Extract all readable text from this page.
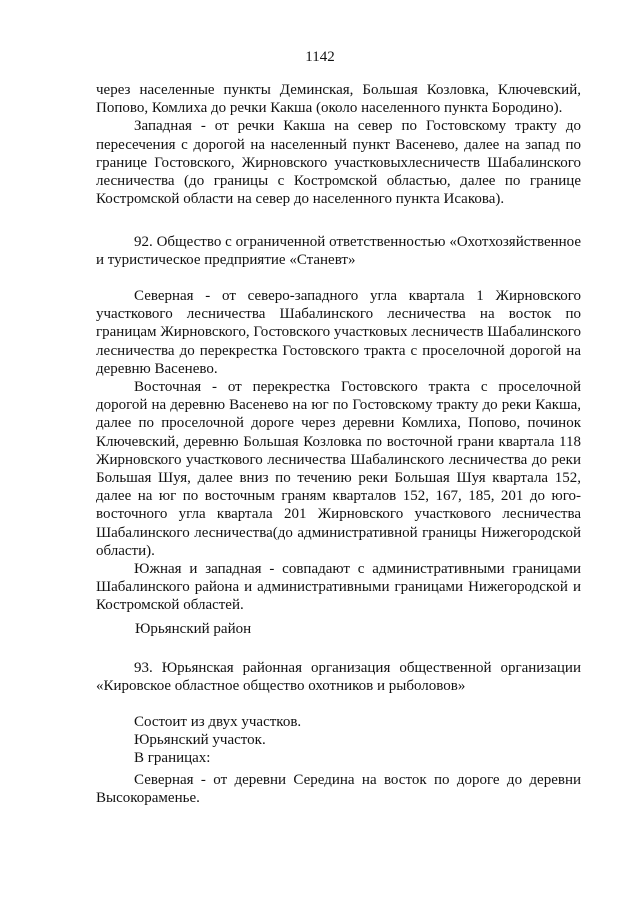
1142

через населенные пункты Деминская, Большая Козловка, Ключевский, Попово, Комлиха до речки Какша (около населенного пункта Бородино).

Западная - от речки Какша на север по Гостовскому тракту до пересечения с дорогой на населенный пункт Васенево, далее на запад по границе Гостовского, Жирновского участковыхлесничеств Шабалинского лесничества (до границы с Костромской областью, далее по границе Костромской области на север до населенного пункта Исакова).

92. Общество с ограниченной ответственностью «Охотхозяйственное и туристическое предприятие «Станевт»

Северная - от северо-западного угла квартала 1 Жирновского участкового лесничества Шабалинского лесничества на восток по границам Жирновского, Гостовского участковых лесничеств Шабалинского лесничества до перекрестка Гостовского тракта с проселочной дорогой на деревню Васенево.

Восточная - от перекрестка Гостовского тракта с проселочной дорогой на деревню Васенево на юг по Гостовскому тракту до реки Какша, далее по проселочной дороге через деревни Комлиха, Попово, починок Ключевский, деревню Большая Козловка по восточной грани квартала 118 Жирновского участкового лесничества Шабалинского лесничества до реки Большая Шуя, далее вниз по течению реки Большая Шуя квартала 152, далее на юг по восточным граням кварталов 152, 167, 185, 201 до юго-восточного угла квартала 201 Жирновского участкового лесничества Шабалинского лесничества(до административной границы Нижегородской области).

Южная и западная - совпадают с административными границами Шабалинского района и административными границами Нижегородской и Костромской областей.

Юрьянский район

93. Юрьянская районная организация общественной организации «Кировское областное общество охотников и рыболовов»

Состоит из двух участков.

Юрьянский участок.

В границах:

Северная - от деревни Середина на восток по дороге до деревни Высокораменье.
